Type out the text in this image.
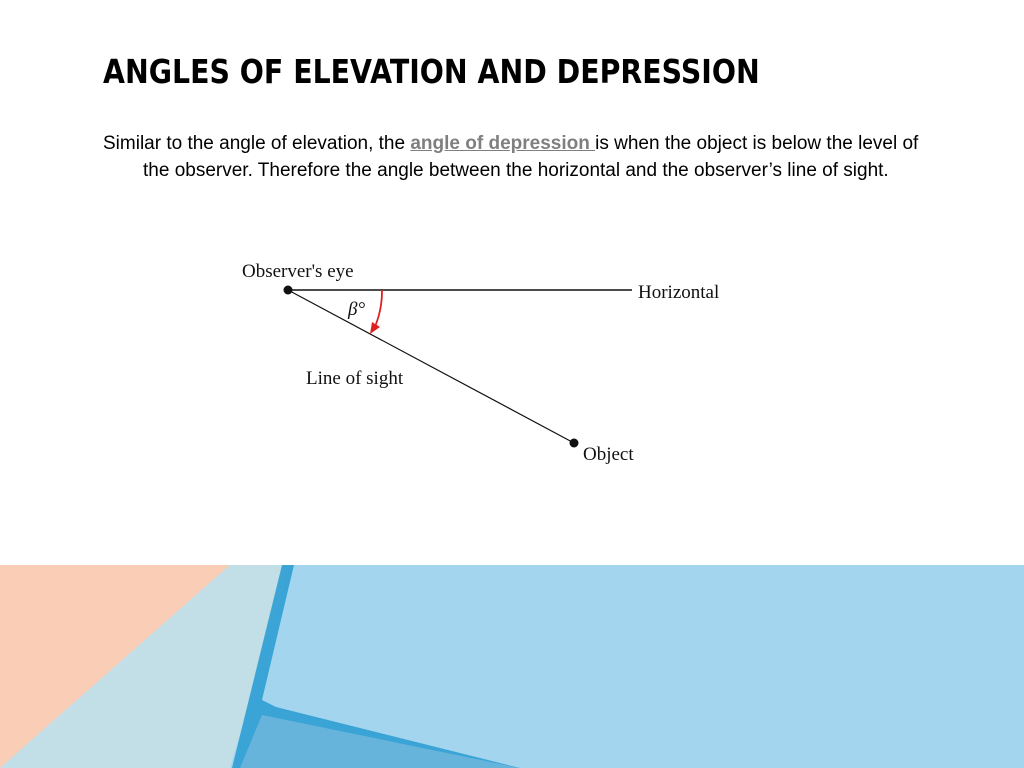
ANGLES OF ELEVATION AND DEPRESSION

Similar to the angle of elevation, the angle of depression is when the object is below the level of the observer. Therefore the angle between the horizontal and the observer’s line of sight.

Observer's eye
Horizontal
β°
Line of sight
Object
